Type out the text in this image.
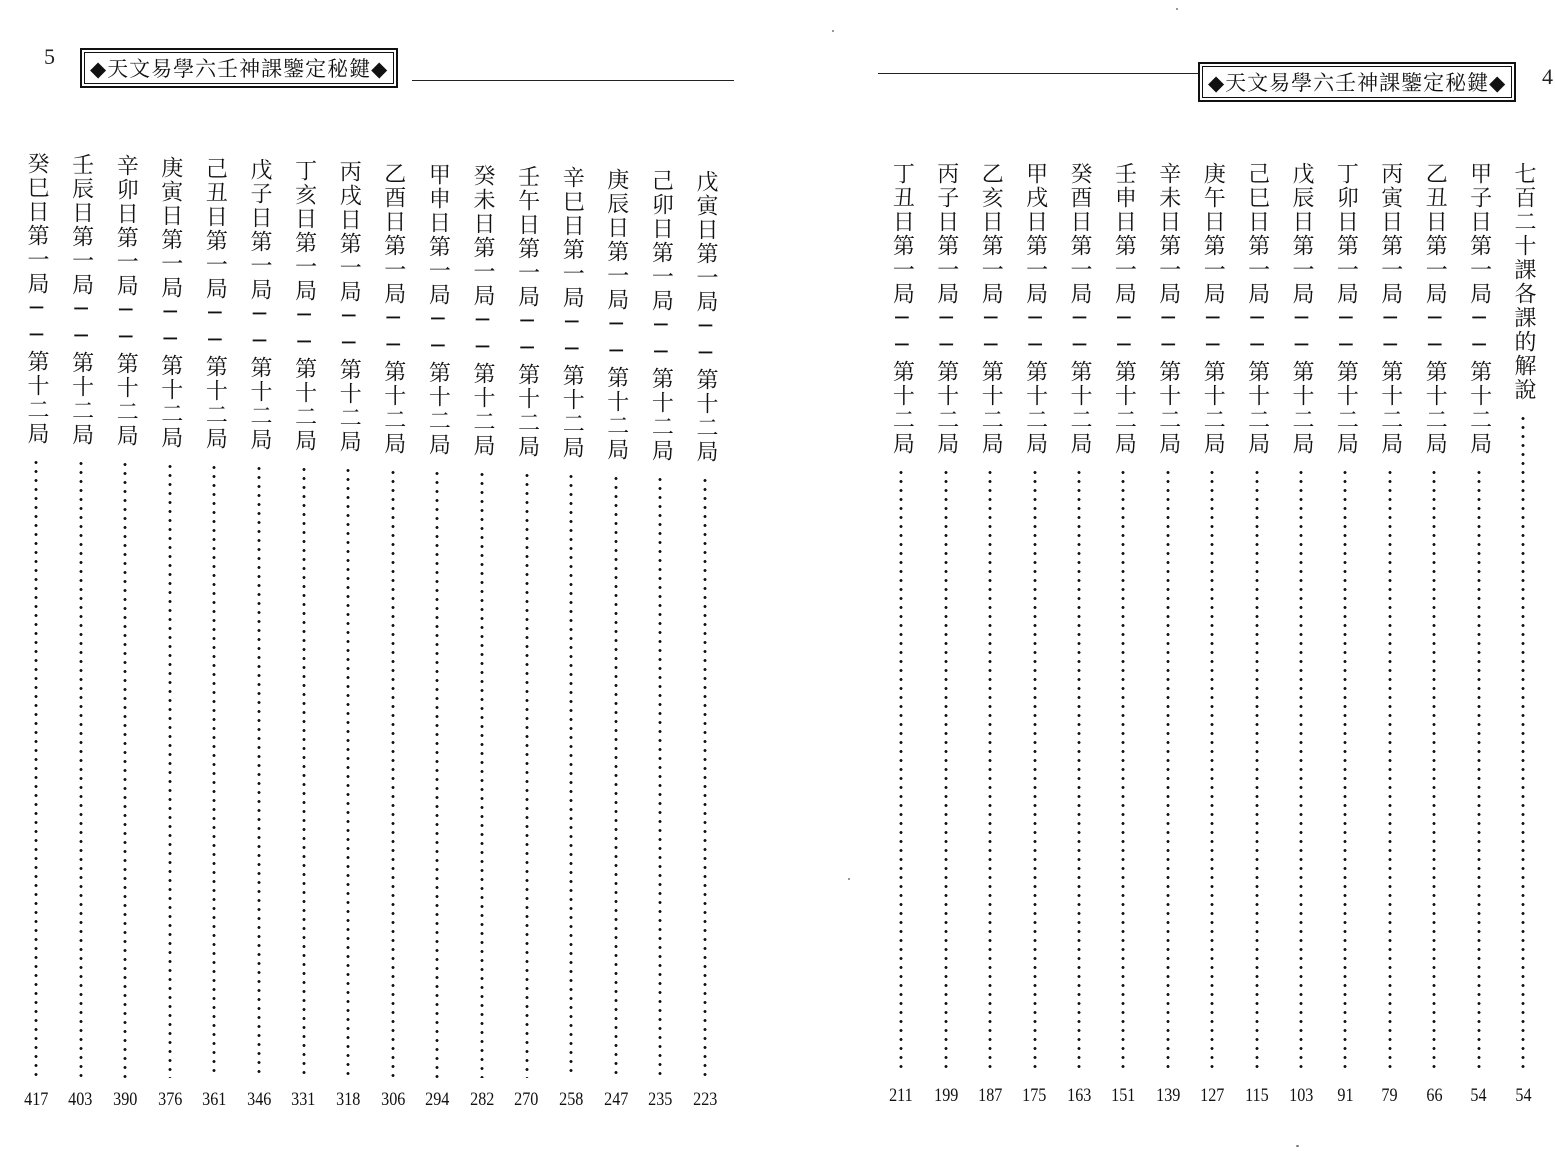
5	◆天文易學六壬神課鑒定秘鍵◆
戊寅日第一局──第十二局
223
己卯日第一局──第十二局
235
庚辰日第一局──第十二局
247
辛巳日第一局──第十二局
258
壬午日第一局──第十二局
270
癸未日第一局──第十二局
282
甲申日第一局──第十二局
294
乙酉日第一局──第十二局
306
丙戌日第一局──第十二局
318
丁亥日第一局──第十二局
331
戊子日第一局──第十二局
346
己丑日第一局──第十二局
361
庚寅日第一局──第十二局
376
辛卯日第一局──第十二局
390
壬辰日第一局──第十二局
403
癸巳日第一局──第十二局
417
◆天文易學六壬神課鑒定秘鍵◆	4
七百二十課各課的解說
54
甲子日第一局──第十二局
54
乙丑日第一局──第十二局
66
丙寅日第一局──第十二局
79
丁卯日第一局──第十二局
91
戊辰日第一局──第十二局
103
己巳日第一局──第十二局
115
庚午日第一局──第十二局
127
辛未日第一局──第十二局
139
壬申日第一局──第十二局
151
癸酉日第一局──第十二局
163
甲戌日第一局──第十二局
175
乙亥日第一局──第十二局
187
丙子日第一局──第十二局
199
丁丑日第一局──第十二局
211
